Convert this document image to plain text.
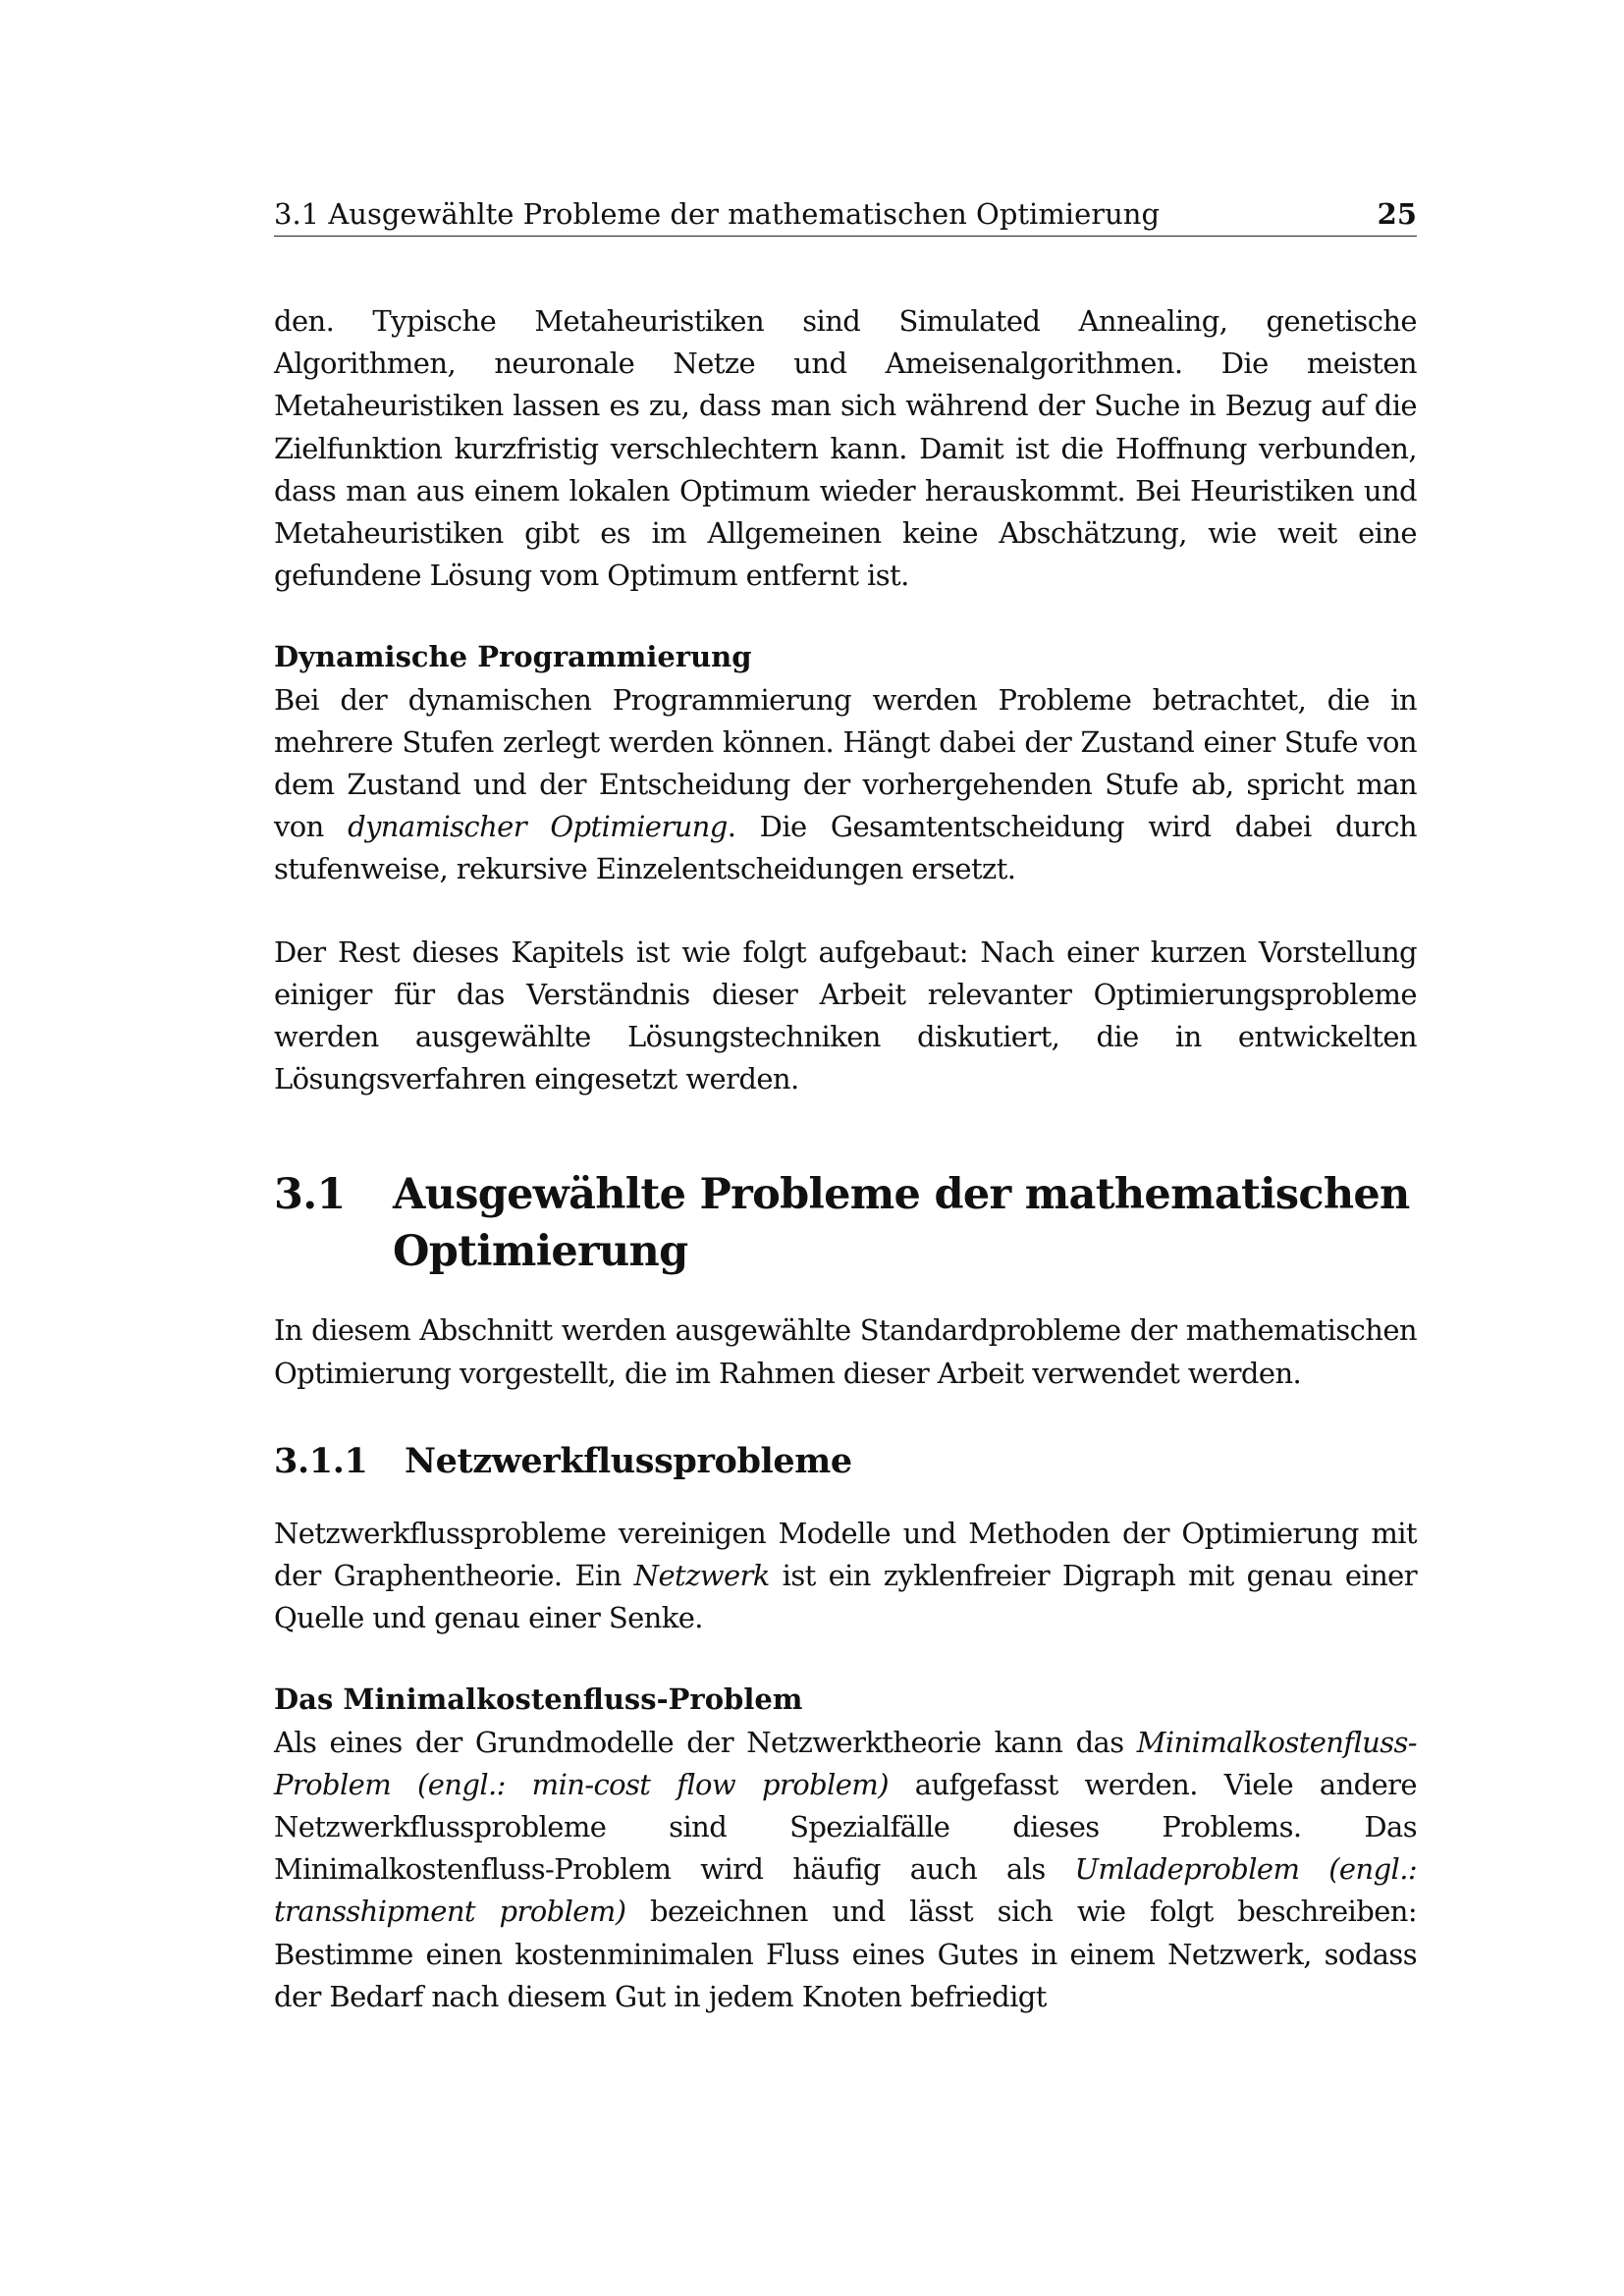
3.1 Ausgewählte Probleme der mathematischen Optimierung	25

den. Typische Metaheuristiken sind Simulated Annealing, genetische Algorithmen, neuronale Netze und Ameisenalgorithmen. Die meisten Metaheuristiken lassen es zu, dass man sich während der Suche in Bezug auf die Zielfunktion kurzfristig verschlechtern kann. Damit ist die Hoffnung verbunden, dass man aus einem lokalen Optimum wieder herauskommt. Bei Heuristiken und Metaheuristiken gibt es im Allgemeinen keine Abschätzung, wie weit eine gefundene Lösung vom Optimum entfernt ist.

Dynamische Programmierung

Bei der dynamischen Programmierung werden Probleme betrachtet, die in mehrere Stufen zerlegt werden können. Hängt dabei der Zustand einer Stufe von dem Zustand und der Entscheidung der vorhergehenden Stufe ab, spricht man von dynamischer Optimierung. Die Gesamtentscheidung wird dabei durch stufenweise, rekursive Einzelentscheidungen ersetzt.

Der Rest dieses Kapitels ist wie folgt aufgebaut: Nach einer kurzen Vorstellung einiger für das Verständnis dieser Arbeit relevanter Optimierungsprobleme werden ausgewählte Lösungstechniken diskutiert, die in entwickelten Lösungsverfahren eingesetzt werden.

3.1	Ausgewählte Probleme der mathematischen Optimierung

In diesem Abschnitt werden ausgewählte Standardprobleme der mathematischen Optimierung vorgestellt, die im Rahmen dieser Arbeit verwendet werden.

3.1.1	Netzwerkflussprobleme

Netzwerkflussprobleme vereinigen Modelle und Methoden der Optimierung mit der Graphentheorie. Ein Netzwerk ist ein zyklenfreier Digraph mit genau einer Quelle und genau einer Senke.

Das Minimalkostenfluss-Problem

Als eines der Grundmodelle der Netzwerktheorie kann das Minimalkostenfluss-Problem (engl.: min-cost flow problem) aufgefasst werden. Viele andere Netzwerkflussprobleme sind Spezialfälle dieses Problems. Das Minimalkostenfluss-Problem wird häufig auch als Umladeproblem (engl.: transshipment problem) bezeichnen und lässt sich wie folgt beschreiben: Bestimme einen kostenminimalen Fluss eines Gutes in einem Netzwerk, sodass der Bedarf nach diesem Gut in jedem Knoten befriedigt
